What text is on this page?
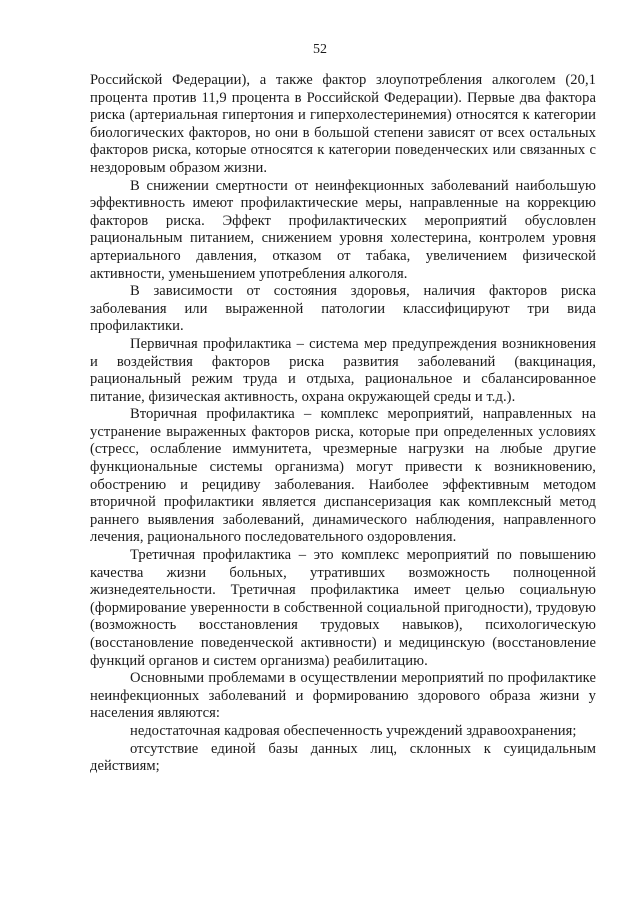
52

Российской Федерации), а также фактор злоупотребления алкоголем (20,1 процента против 11,9 процента в Российской Федерации). Первые два фактора риска (артериальная гипертония и гиперхолестеринемия) относятся к категории биологических факторов, но они в большой степени зависят от всех остальных факторов риска, которые относятся к категории поведенческих или связанных с нездоровым образом жизни.

В снижении смертности от неинфекционных заболеваний наибольшую эффективность имеют профилактические меры, направленные на коррекцию факторов риска. Эффект профилактических мероприятий обусловлен рациональным питанием, снижением уровня холестерина, контролем уровня артериального давления, отказом от табака, увеличением физической активности, уменьшением употребления алкоголя.

В зависимости от состояния здоровья, наличия факторов риска заболевания или выраженной патологии классифицируют три вида профилактики.

Первичная профилактика – система мер предупреждения возникновения и воздействия факторов риска развития заболеваний (вакцинация, рациональный режим труда и отдыха, рациональное и сбалансированное питание, физическая активность, охрана окружающей среды и т.д.).

Вторичная профилактика – комплекс мероприятий, направленных на устранение выраженных факторов риска, которые при определенных условиях (стресс, ослабление иммунитета, чрезмерные нагрузки на любые другие функциональные системы организма) могут привести к возникновению, обострению и рецидиву заболевания. Наиболее эффективным методом вторичной профилактики является диспансеризация как комплексный метод раннего выявления заболеваний, динамического наблюдения, направленного лечения, рационального последовательного оздоровления.

Третичная профилактика – это комплекс мероприятий по повышению качества жизни больных, утративших возможность полноценной жизнедеятельности. Третичная профилактика имеет целью социальную (формирование уверенности в собственной социальной пригодности), трудовую (возможность восстановления трудовых навыков), психологическую (восстановление поведенческой активности) и медицинскую (восстановление функций органов и систем организма) реабилитацию.

Основными проблемами в осуществлении мероприятий по профилактике неинфекционных заболеваний и формированию здорового образа жизни у населения являются:

недостаточная кадровая обеспеченность учреждений здравоохранения;

отсутствие единой базы данных лиц, склонных к суицидальным действиям;
